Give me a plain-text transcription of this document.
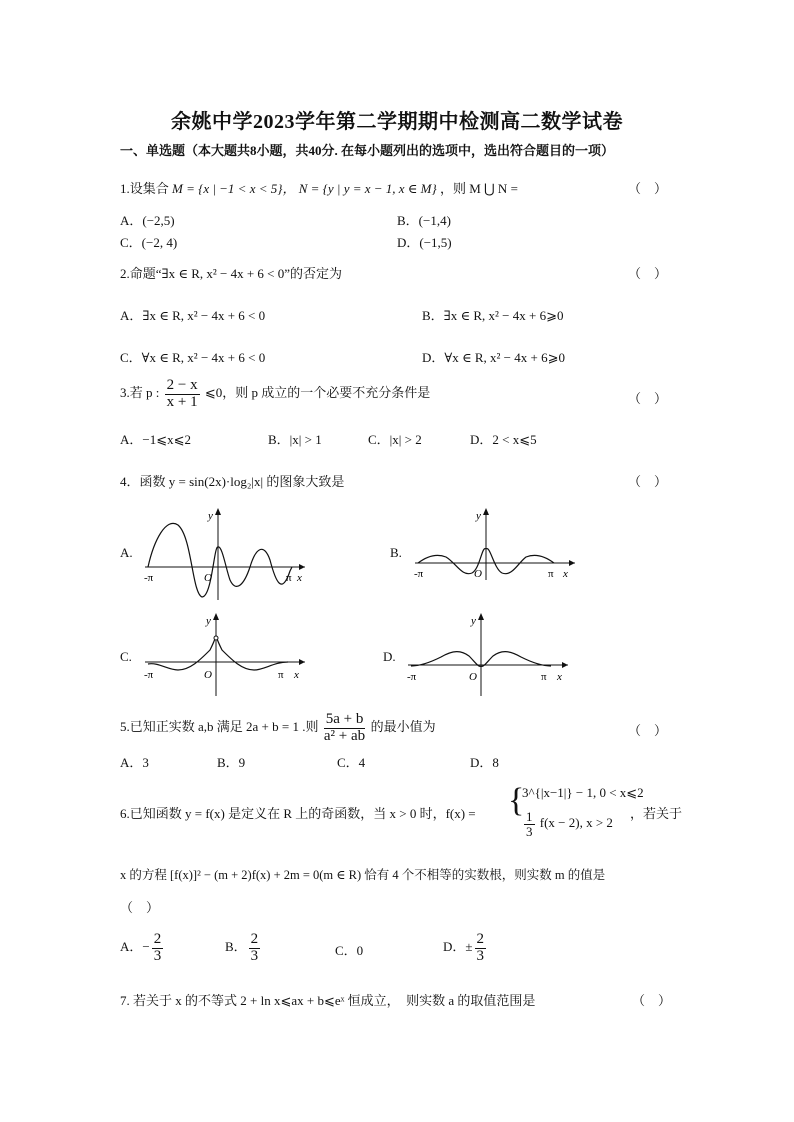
余姚中学2023学年第二学期期中检测高二数学试卷
一、单选题（本大题共8小题，共40分. 在每小题列出的选项中，选出符合题目的一项）
1.设集合 M = {x | −1 < x < 5}， N = {y | y = x − 1, x ∈ M} ，则 M ⋃ N =	（　）
A．(−2,5)	B．(−1,4)
C．(−2, 4)	D．(−1,5)
2.命题“∃x ∈ R, x² − 4x + 6 < 0”的否定为	（　）
A．∃x ∈ R, x² − 4x + 6 < 0	B．∃x ∈ R, x² − 4x + 6⩾0
C．∀x ∈ R, x² − 4x + 6 < 0	D．∀x ∈ R, x² − 4x + 6⩾0
3.若 p : $\frac{2 - x}{x + 1}$ ⩽0，则 p 成立的一个必要不充分条件是	（　）
A．−1⩽x⩽2	B．|x| > 1	C．|x| > 2	D．2 < x⩽5
4．函数 y = sin(2x)·log₂|x| 的图象大致是	（　）
A.
-π	π
O	x
y
B.
-π	π
O	x
y
C.
-π	π
O	x
y
D.
-π	π
O	x
y
5.已知正实数 a,b 满足 2a + b = 1 .则 $\frac{5a + b}{\text{a² + ab}}$ 的最小值为	（　）
A．3	B．9	C．4	D．8
6.已知函数 y = f(x) 是定义在 R 上的奇函数，当 x > 0 时，f(x) = {
3^{|x−1|} − 1, 0 < x⩽2
$\frac{1}{3} f(x - 2)$, x > 2
，若关于
x 的方程 [f(x)]² − (m + 2)f(x) + 2m = 0(m ∈ R) 恰有 4 个不相等的实数根，则实数 m 的值是
（　）
A．− $\frac{2}{3}$	B． $\frac{2}{3}$	C．0	D．± $\frac{2}{3}$
7. 若关于 x 的不等式 2 + ln x⩽ax + b⩽eˣ 恒成立，　则实数 a 的取值范围是	（　）
